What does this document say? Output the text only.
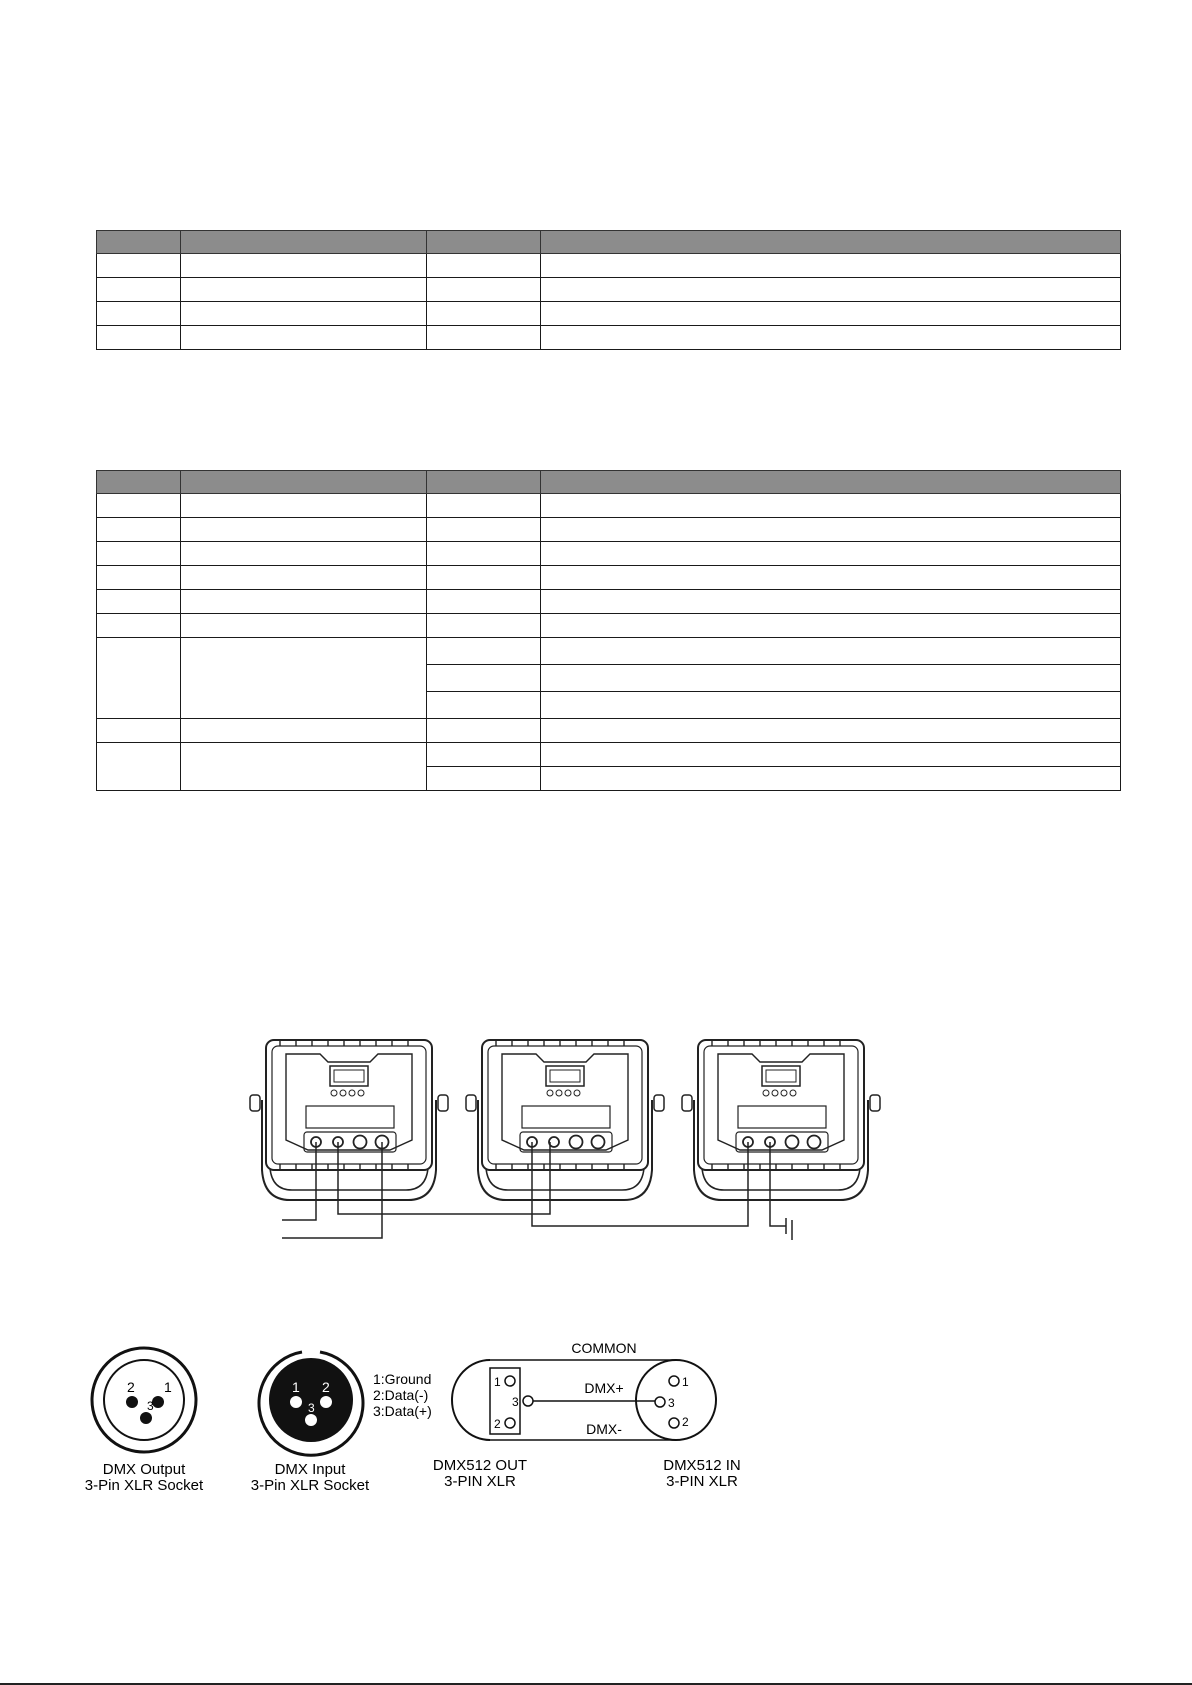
2 1
3
DMX Output
3-Pin XLR Socket
1 2
3
DMX Input
3-Pin XLR Socket
1:Ground
2:Data(-)
3:Data(+)
COMMON
1
3
2
1
3
2
DMX+
DMX-
DMX512 OUT
3-PIN XLR
DMX512 IN
3-PIN XLR
